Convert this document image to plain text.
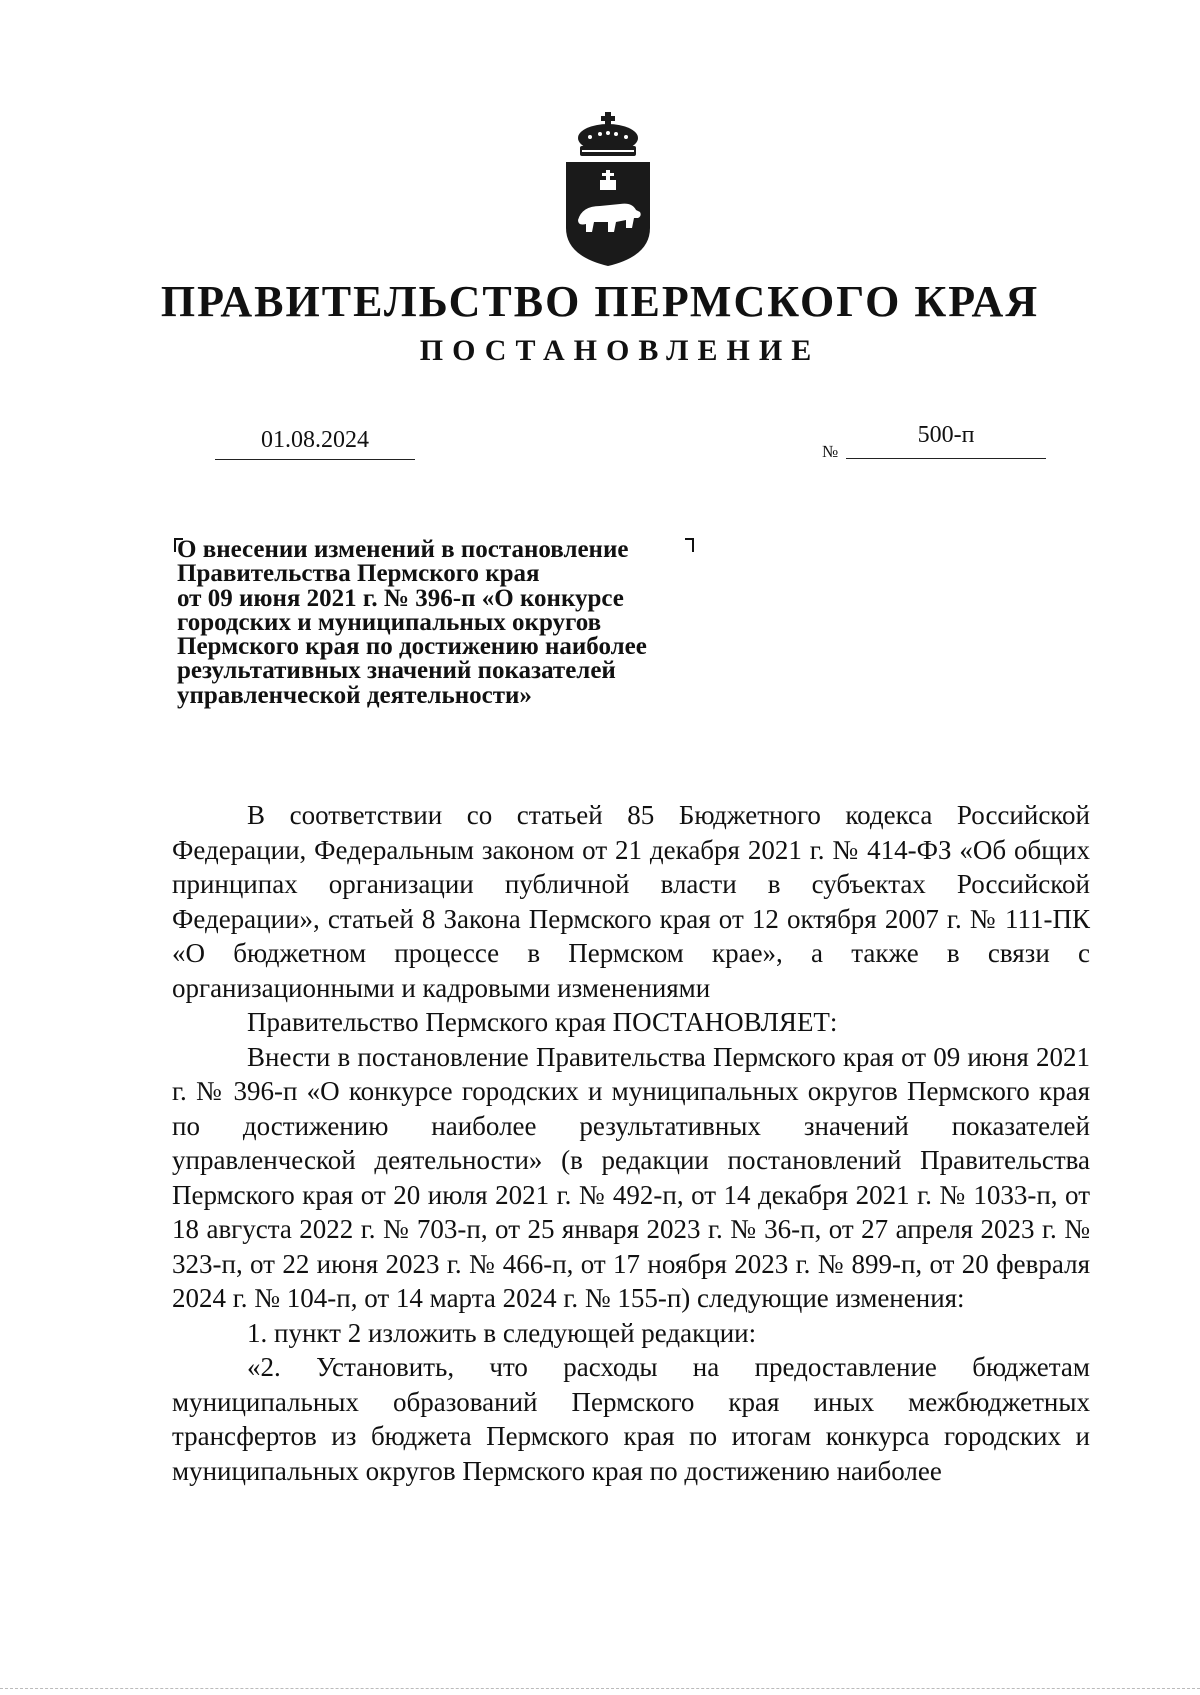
ПРАВИТЕЛЬСТВО ПЕРМСКОГО КРАЯ
ПОСТАНОВЛЕНИЕ
01.08.2024	№
500-п
О внесении изменений в постановление
Правительства Пермского края
от 09 июня 2021 г. № 396-п «О конкурсе
городских и муниципальных округов
Пермского края по достижению наиболее
результативных значений показателей
управленческой деятельности»

В соответствии со статьей 85 Бюджетного кодекса Российской Федерации, Федеральным законом от 21 декабря 2021 г. № 414-ФЗ «Об общих принципах организации публичной власти в субъектах Российской Федерации», статьей 8 Закона Пермского края от 12 октября 2007 г. № 111-ПК «О бюджетном процессе в Пермском крае», а также в связи с организационными и кадровыми изменениями

Правительство Пермского края ПОСТАНОВЛЯЕТ:

Внести в постановление Правительства Пермского края от 09 июня 2021 г. № 396-п «О конкурсе городских и муниципальных округов Пермского края по достижению наиболее результативных значений показателей управленческой деятельности» (в редакции постановлений Правительства Пермского края от 20 июля 2021 г. № 492-п, от 14 декабря 2021 г. № 1033-п, от 18 августа 2022 г. № 703-п, от 25 января 2023 г. № 36-п, от 27 апреля 2023 г. № 323-п, от 22 июня 2023 г. № 466-п, от 17 ноября 2023 г. № 899-п, от 20 февраля 2024 г. № 104-п, от 14 марта 2024 г. № 155-п) следующие изменения:

1. пункт 2 изложить в следующей редакции:

«2. Установить, что расходы на предоставление бюджетам муниципальных образований Пермского края иных межбюджетных трансфертов из бюджета Пермского края по итогам конкурса городских и муниципальных округов Пермского края по достижению наиболее
